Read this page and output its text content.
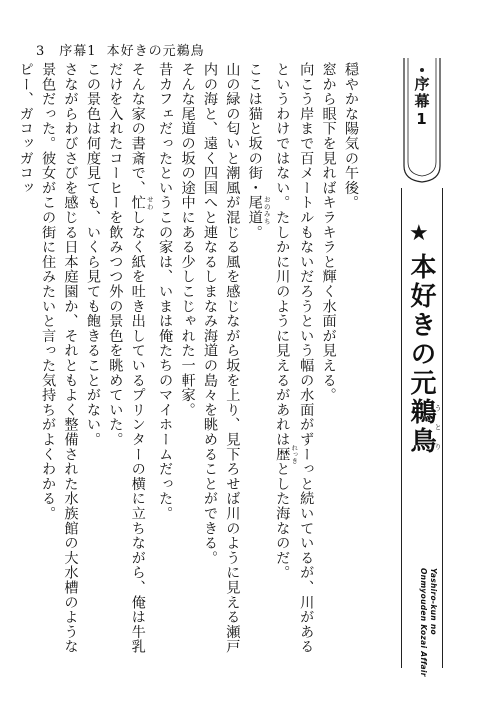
3 序幕1 本好きの元鵜鳥

穏やかな陽気の午後。

窓から眼下を見ればキラキラと輝く水面が見える。

向こう岸まで百メートルもないだろうという幅の水面がずーっと続いているが、川があるというわけではない。たしかに川のように見えるがあれは歴 れっきとした海なのだ。

ここは猫と坂の街・尾道 おのみち。

山の緑の匂いと潮風が混じる風を感じながら坂を上り、見下ろせば川のように見える瀬戸内の海と、遠く四国へと連なるしまなみ海道の島々を眺めることができる。

そんな尾道の坂の途中にある少しこじゃれた一軒家。

昔カフェだったというこの家は、いまは俺たちのマイホームだった。

そんな家の書斎で、忙 せわしなく紙を吐き出しているプリンターの横に立ちながら、俺は牛乳だけを入れたコーヒーを飲みつつ外の景色を眺めていた。

この景色は何度見ても、いくら見ても飽きることがない。

さながらわびさびを感じる日本庭園か、それともよく整備された水族館の大水槽のような景色だった。彼女がこの街に住みたいと言った気持ちがよくわかる。

ピー、ガコッガコッ	序幕1
★
本好きの元鵜鳥うとり
Yashiro-kun no
Onmyouden Kozai Affair
